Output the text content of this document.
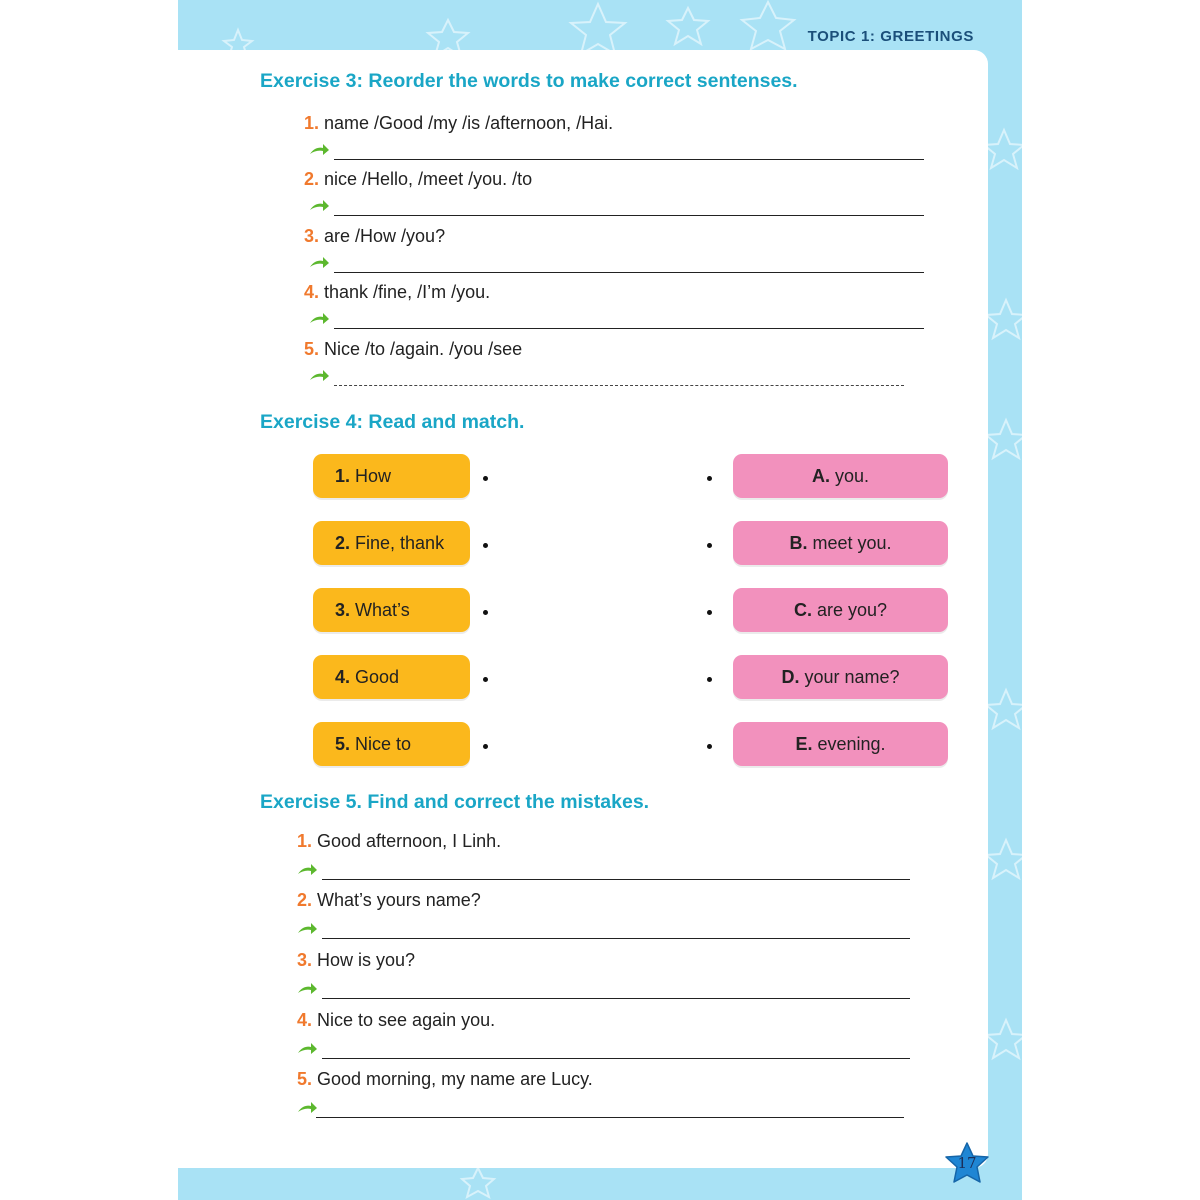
TOPIC 1: GREETINGS
Exercise 3: Reorder the words to make correct sentenses.
1. name /Good /my /is /afternoon, /Hai.
2. nice /Hello, /meet /you. /to
3. are /How /you?
4. thank /fine, /I’m /you.
5. Nice /to /again. /you /see
Exercise 4: Read and match.
1. How	A. you.
2. Fine, thank	B. meet you.
3. What’s	C. are you?
4. Good	D. your name?
5. Nice to	E. evening.
Exercise 5. Find and correct the mistakes.
1. Good afternoon, I Linh.
2. What’s yours name?
3. How is you?
4. Nice to see again you.
5. Good morning, my name are Lucy.
17
